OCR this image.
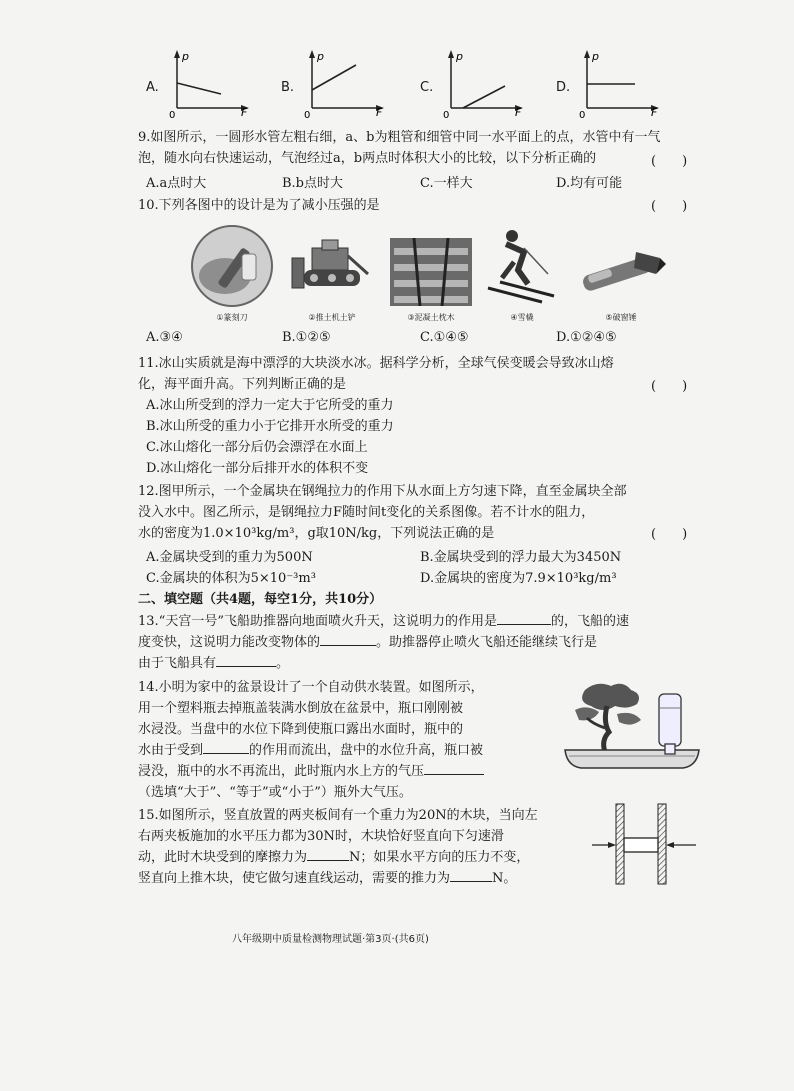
A.
p
F
0
B.
p
F
0
C.
p
F
0
D.
p
F
0
9.如图所示，一圆形水管左粗右细，a、b为粗管和细管中同一水平面上的点，水管中有一气
泡，随水向右快速运动，气泡经过a，b两点时体积大小的比较，以下分析正确的	(　　)
A.a点时大	B.b点时大	C.一样大	D.均有可能
10.下列各图中的设计是为了减小压强的是	(　　)
①篆刻刀	②推土机土铲	③泥凝土枕木	④雪橇	⑤破窗锤
A.③④	B.①②⑤	C.①④⑤	D.①②④⑤
11.冰山实质就是海中漂浮的大块淡水冰。据科学分析，全球气侯变暖会导致冰山熔
化，海平面升高。下列判断正确的是
A.冰山所受到的浮力一定大于它所受的重力
B.冰山所受的重力小于它排开水所受的重力
C.冰山熔化一部分后仍会漂浮在水面上
D.冰山熔化一部分后排开水的体积不变
(　　)
12.图甲所示，一个金属块在钢绳拉力的作用下从水面上方匀速下降，直至金属块全部
没入水中。图乙所示，是钢绳拉力F随时间t变化的关系图像。若不计水的阻力，
水的密度为1.0×10³kg/m³，g取10N/kg，下列说法正确的是	(　　)
A.金属块受到的重力为500N	B.金属块受到的浮力最大为3450N
C.金属块的体积为5×10⁻³m³	D.金属块的密度为7.9×10³kg/m³
二、填空题（共4题，每空1分，共10分）
13.“天宫一号”飞船助推器向地面喷火升天，这说明力的作用是	的，飞船的速
度变快，这说明力能改变物体的	。助推器停止喷火飞船还能继续飞行是
由于飞船具有	。
14.小明为家中的盆景设计了一个自动供水装置。如图所示，
用一个塑料瓶去掉瓶盖装满水倒放在盆景中，瓶口刚刚被
水浸没。当盘中的水位下降到使瓶口露出水面时，瓶中的
水由于受到	的作用而流出，盘中的水位升高，瓶口被
浸没，瓶中的水不再流出，此时瓶内水上方的气压
（选填“大于”、“等于”或“小于”）瓶外大气压。
15.如图所示，竖直放置的两夹板间有一个重力为20N的木块，当向左
右两夹板施加的水平压力都为30N时，木块恰好竖直向下匀速滑
动，此时木块受到的摩擦力为	N；如果水平方向的压力不变，
竖直向上推木块，使它做匀速直线运动，需要的推力为	N。
八年级期中质量检测物理试题·第3页·(共6页)
